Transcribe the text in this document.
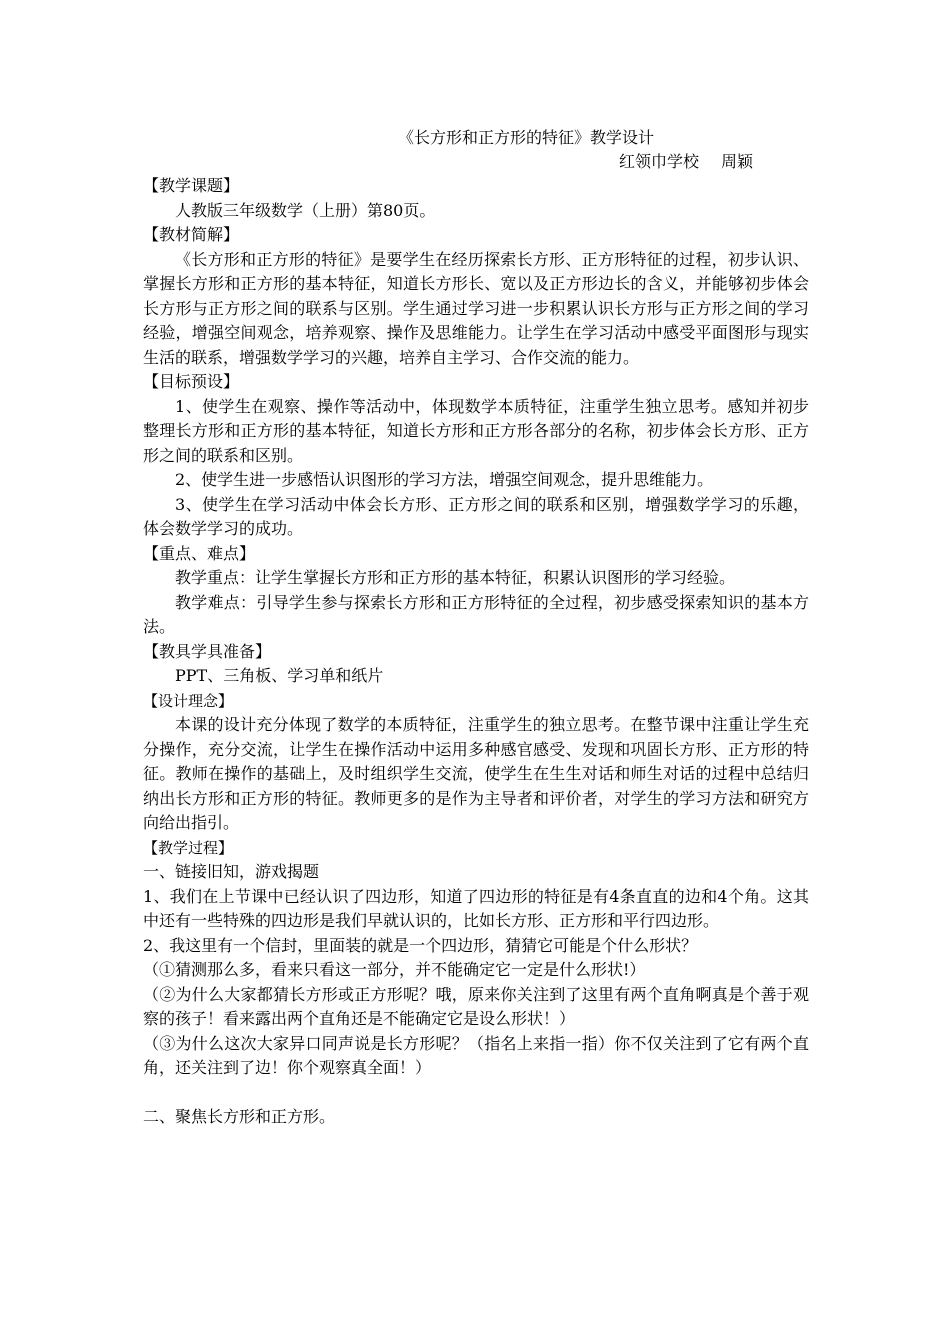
《长方形和正方形的特征》教学设计
红领巾学校 周颖
【教学课题】

人教版三年级数学（上册）第80页。

【教材简解】

《长方形和正方形的特征》是要学生在经历探索长方形、正方形特征的过程，初步认识、掌握长方形和正方形的基本特征，知道长方形长、宽以及正方形边长的含义，并能够初步体会长方形与正方形之间的联系与区别。学生通过学习进一步积累认识长方形与正方形之间的学习经验，增强空间观念，培养观察、操作及思维能力。让学生在学习活动中感受平面图形与现实生活的联系，增强数学学习的兴趣，培养自主学习、合作交流的能力。

【目标预设】

1、使学生在观察、操作等活动中，体现数学本质特征，注重学生独立思考。感知并初步整理长方形和正方形的基本特征，知道长方形和正方形各部分的名称，初步体会长方形、正方形之间的联系和区别。

2、使学生进一步感悟认识图形的学习方法，增强空间观念，提升思维能力。

3、使学生在学习活动中体会长方形、正方形之间的联系和区别，增强数学学习的乐趣，体会数学学习的成功。

【重点、难点】

教学重点：让学生掌握长方形和正方形的基本特征，积累认识图形的学习经验。

教学难点：引导学生参与探索长方形和正方形特征的全过程，初步感受探索知识的基本方法。

【教具学具准备】

PPT、三角板、学习单和纸片

【设计理念】

本课的设计充分体现了数学的本质特征，注重学生的独立思考。在整节课中注重让学生充分操作，充分交流，让学生在操作活动中运用多种感官感受、发现和巩固长方形、正方形的特征。教师在操作的基础上，及时组织学生交流，使学生在生生对话和师生对话的过程中总结归纳出长方形和正方形的特征。教师更多的是作为主导者和评价者，对学生的学习方法和研究方向给出指引。

【教学过程】

一、链接旧知，游戏揭题

1、我们在上节课中已经认识了四边形，知道了四边形的特征是有4条直直的边和4个角。这其中还有一些特殊的四边形是我们早就认识的，比如长方形、正方形和平行四边形。

2、我这里有一个信封，里面装的就是一个四边形，猜猜它可能是个什么形状？

（①猜测那么多，看来只看这一部分，并不能确定它一定是什么形状!）

（②为什么大家都猜长方形或正方形呢？哦，原来你关注到了这里有两个直角啊真是个善于观察的孩子！看来露出两个直角还是不能确定它是设么形状！）

（③为什么这次大家异口同声说是长方形呢？（指名上来指一指）你不仅关注到了它有两个直角，还关注到了边！你个观察真全面！）

二、聚焦长方形和正方形。
